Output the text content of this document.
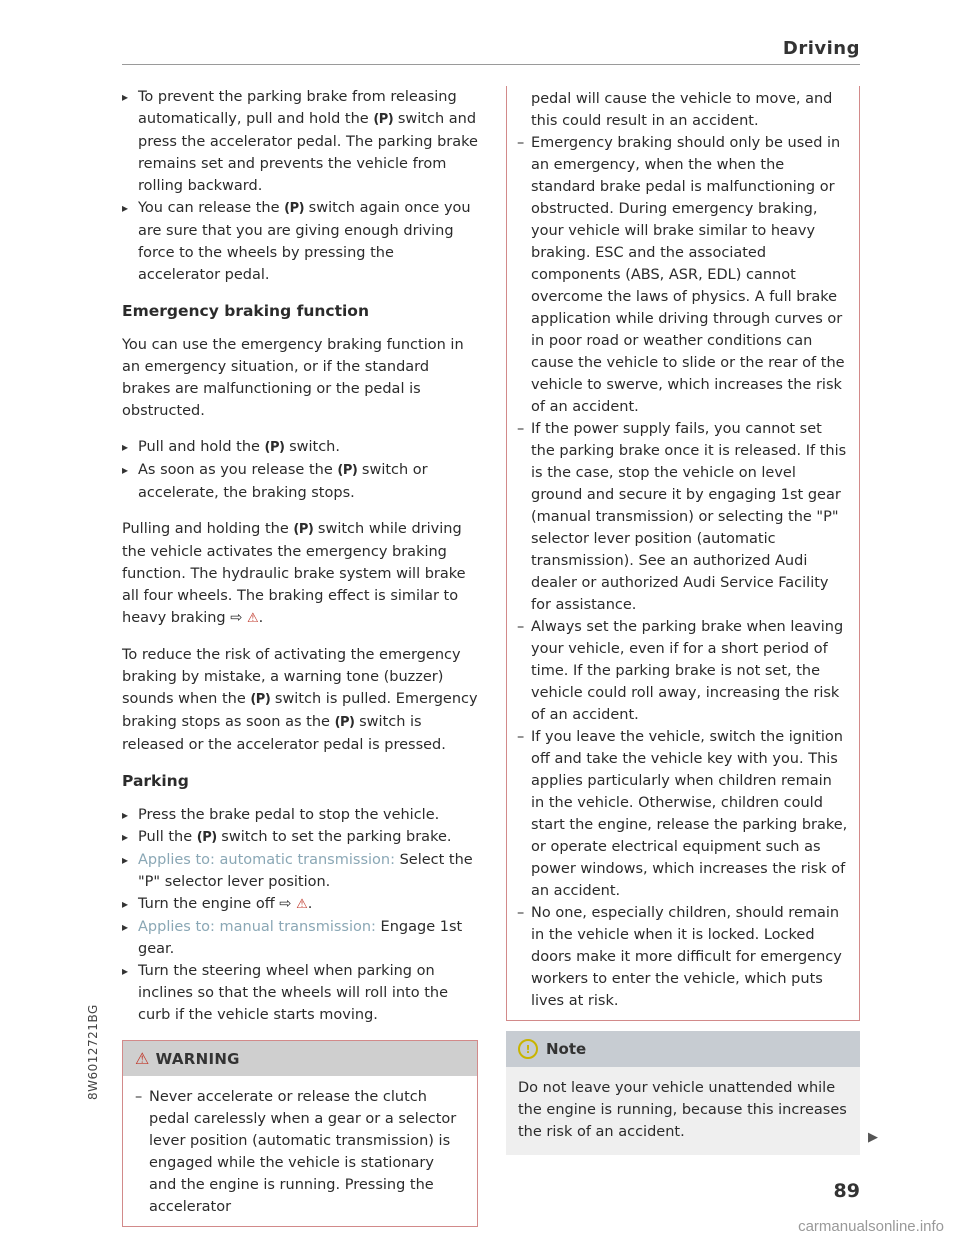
Driving
8W6012721BG
▸ To prevent the parking brake from releasing automatically, pull and hold the (P) switch and press the accelerator pedal. The parking brake remains set and prevents the vehicle from rolling backward.
▸ You can release the (P) switch again once you are sure that you are giving enough driving force to the wheels by pressing the accelerator pedal.
Emergency braking function

You can use the emergency braking function in an emergency situation, or if the standard brakes are malfunctioning or the pedal is obstructed.

▸ Pull and hold the (P) switch.
▸ As soon as you release the (P) switch or accelerate, the braking stops.

Pulling and holding the (P) switch while driving the vehicle activates the emergency braking function. The hydraulic brake system will brake all four wheels. The braking effect is similar to heavy braking ⇨ ⚠.

To reduce the risk of activating the emergency braking by mistake, a warning tone (buzzer) sounds when the (P) switch is pulled. Emergency braking stops as soon as the (P) switch is released or the accelerator pedal is pressed.

Parking
▸ Press the brake pedal to stop the vehicle.
▸ Pull the (P) switch to set the parking brake.
▸ Applies to: automatic transmission: Select the "P" selector lever position.
▸ Turn the engine off ⇨ ⚠.
▸ Applies to: manual transmission: Engage 1st gear.
▸ Turn the steering wheel when parking on inclines so that the wheels will roll into the curb if the vehicle starts moving.
⚠ WARNING
– Never accelerate or release the clutch pedal carelessly when a gear or a selector lever position (automatic transmission) is engaged while the vehicle is stationary and the engine is running. Pressing the accelerator
pedal will cause the vehicle to move, and this could result in an accident.
– Emergency braking should only be used in an emergency, when the when the standard brake pedal is malfunctioning or obstructed. During emergency braking, your vehicle will brake similar to heavy braking. ESC and the associated components (ABS, ASR, EDL) cannot overcome the laws of physics. A full brake application while driving through curves or in poor road or weather conditions can cause the vehicle to slide or the rear of the vehicle to swerve, which increases the risk of an accident.
– If the power supply fails, you cannot set the parking brake once it is released. If this is the case, stop the vehicle on level ground and secure it by engaging 1st gear (manual transmission) or selecting the "P" selector lever position (automatic transmission). See an authorized Audi dealer or authorized Audi Service Facility for assistance.
– Always set the parking brake when leaving your vehicle, even if for a short period of time. If the parking brake is not set, the vehicle could roll away, increasing the risk of an accident.
– If you leave the vehicle, switch the ignition off and take the vehicle key with you. This applies particularly when children remain in the vehicle. Otherwise, children could start the engine, release the parking brake, or operate electrical equipment such as power windows, which increases the risk of an accident.
– No one, especially children, should remain in the vehicle when it is locked. Locked doors make it more difficult for emergency workers to enter the vehicle, which puts lives at risk.
!	Note
Do not leave your vehicle unattended while the engine is running, because this increases the risk of an accident.	▶
89
carmanualsonline.info
